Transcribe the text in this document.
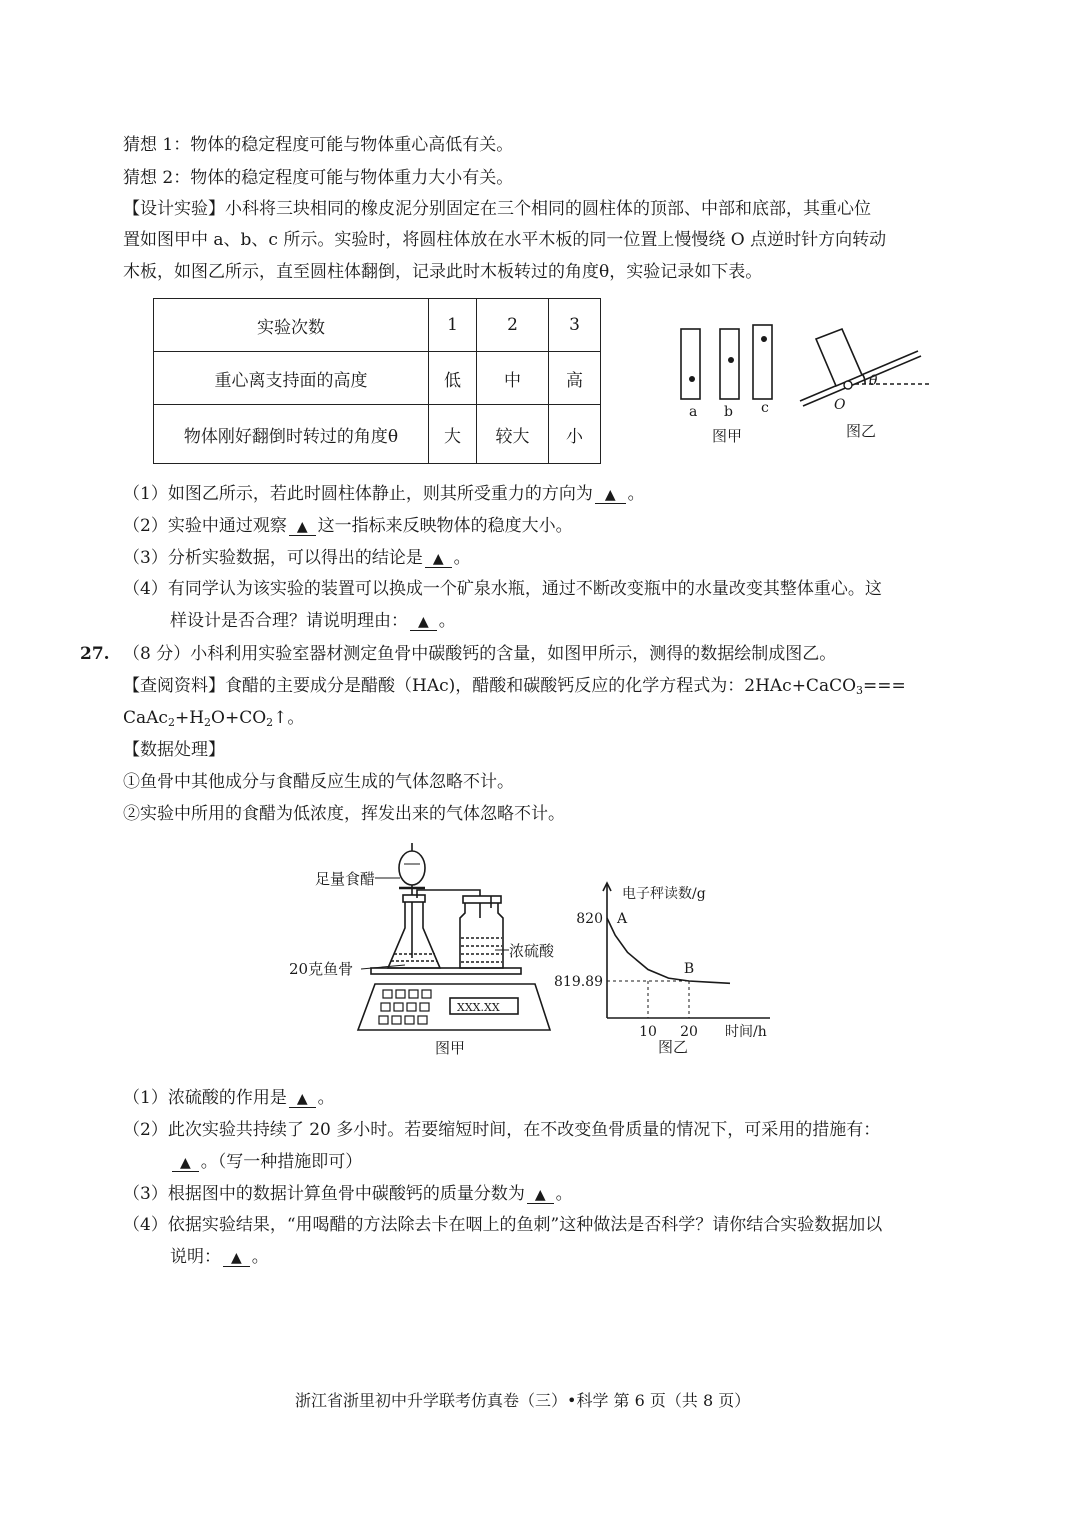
猜想 1：物体的稳定程度可能与物体重心高低有关。
猜想 2：物体的稳定程度可能与物体重力大小有关。
【设计实验】小科将三块相同的橡皮泥分别固定在三个相同的圆柱体的顶部、中部和底部，其重心位
置如图甲中 a、b、c 所示。实验时，将圆柱体放在水平木板的同一位置上慢慢绕 O 点逆时针方向转动
木板，如图乙所示，直至圆柱体翻倒，记录此时木板转过的角度θ，实验记录如下表。
实验次数	1	2	3
重心离支持面的高度	低	中	高
物体刚好翻倒时转过的角度θ	大	较大	小
a b c
图甲
θ
O
图乙
（1）如图乙所示，若此时圆柱体静止，则其所受重力的方向为 ▲ 。
（2）实验中通过观察 ▲ 这一指标来反映物体的稳度大小。
（3）分析实验数据，可以得出的结论是 ▲ 。
（4）有同学认为该实验的装置可以换成一个矿泉水瓶，通过不断改变瓶中的水量改变其整体重心。这
样设计是否合理？请说明理由： ▲ 。
27. （8 分）小科利用实验室器材测定鱼骨中碳酸钙的含量，如图甲所示，测得的数据绘制成图乙。
【查阅资料】食醋的主要成分是醋酸（HAc)，醋酸和碳酸钙反应的化学方程式为：2HAc+CaCO$_3$===
$CaAc_2+H_2O+CO_2↑$。
【数据处理】
①鱼骨中其他成分与食醋反应生成的气体忽略不计。
②实验中所用的食醋为低浓度，挥发出来的气体忽略不计。
XXX.XX
足量食醋
20克鱼骨
浓硫酸
图甲
820
819.89
10 20
A
B
电子秤读数/g
时间/h
图乙
（1）浓硫酸的作用是 ▲ 。
（2）此次实验共持续了 20 多小时。若要缩短时间，在不改变鱼骨质量的情况下，可采用的措施有：
▲ 。（写一种措施即可）
（3）根据图中的数据计算鱼骨中碳酸钙的质量分数为 ▲ 。
（4）依据实验结果，“用喝醋的方法除去卡在咽上的鱼刺”这种做法是否科学？请你结合实验数据加以
说明： ▲ 。
浙江省浙里初中升学联考仿真卷（三）•科学 第 6 页（共 8 页）
